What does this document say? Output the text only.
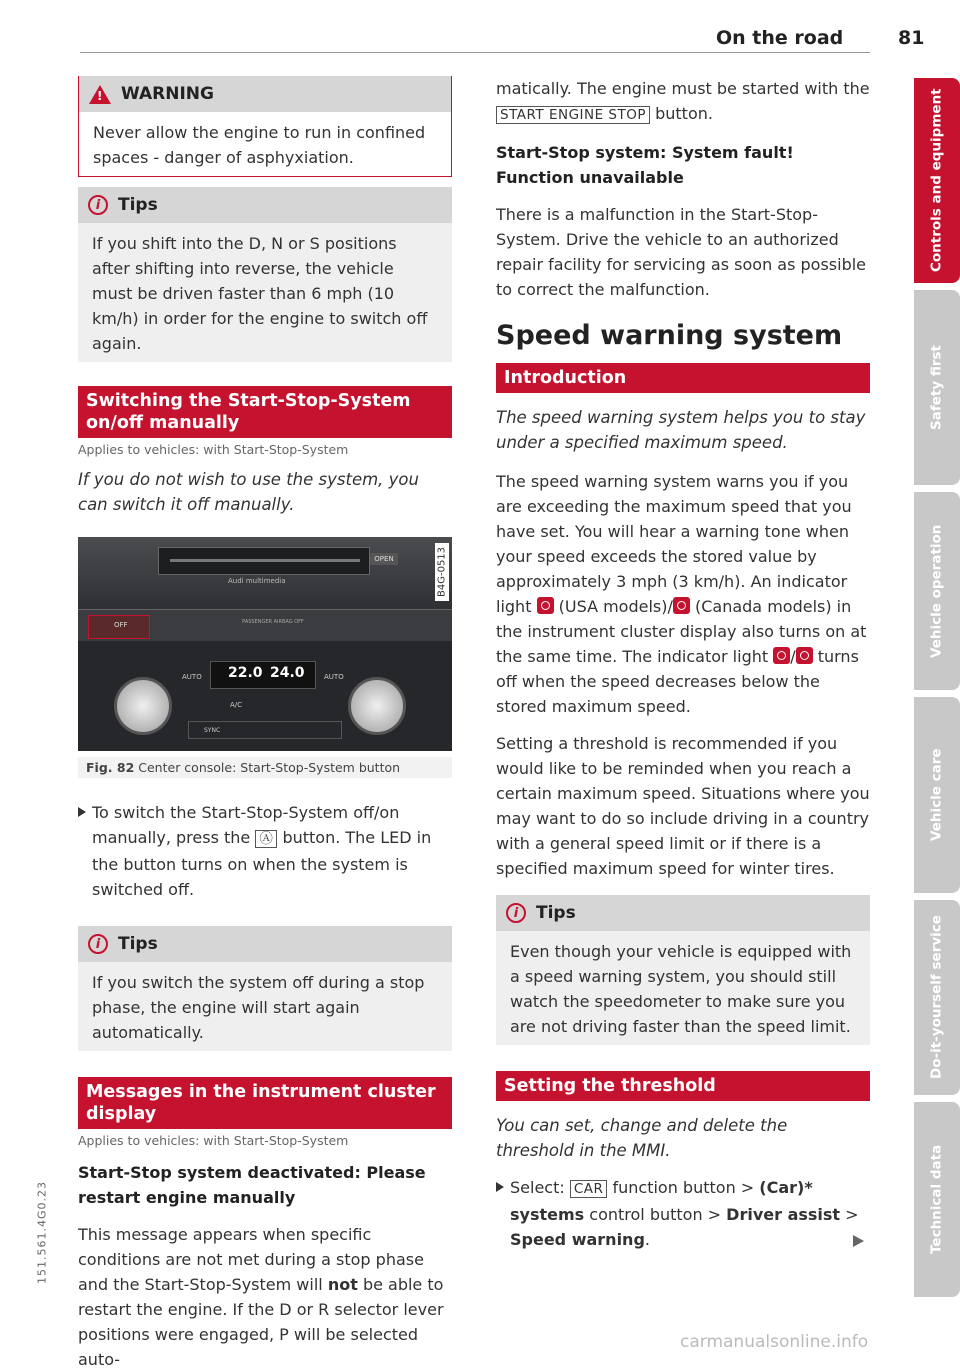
On the road	81
! WARNING

Never allow the engine to run in confined spaces - danger of asphyxiation.

i	Tips

If you shift into the D, N or S positions after shifting into reverse, the vehicle must be driven faster than 6 mph (10 km/h) in order for the engine to switch off again.

Switching the Start-Stop-System on/off manually

Applies to vehicles: with Start-Stop-System

If you do not wish to use the system, you can switch it off manually.

Audi multimedia
OPEN
OFF	PASSENGER AIRBAG OFF
AUTO	AUTO
22.0 24.0
A/C
SYNC
B4G-0513
Fig. 82 Center console: Start-Stop-System button

To switch the Start-Stop-System off/on manually, press the Ⓐ button. The LED in the button turns on when the system is switched off.

i	Tips

If you switch the system off during a stop phase, the engine will start again automatically.

Messages in the instrument cluster display

Applies to vehicles: with Start-Stop-System

Start-Stop system deactivated: Please restart engine manually

This message appears when specific conditions are not met during a stop phase and the Start-Stop-System will not be able to restart the engine. If the D or R selector lever positions were engaged, P will be selected auto-

matically. The engine must be started with the START ENGINE STOP button.

Start-Stop system: System fault! Function unavailable

There is a malfunction in the Start-Stop-System. Drive the vehicle to an authorized repair facility for servicing as soon as possible to correct the malfunction.

Speed warning system
Introduction

The speed warning system helps you to stay under a specified maximum speed.

The speed warning system warns you if you are exceeding the maximum speed that you have set. You will hear a warning tone when your speed exceeds the stored value by approximately 3 mph (3 km/h). An indicator light (USA models)/ (Canada models) in the instrument cluster display also turns on at the same time. The indicator light / turns off when the speed decreases below the stored maximum speed.

Setting a threshold is recommended if you would like to be reminded when you reach a certain maximum speed. Situations where you may want to do so include driving in a country with a general speed limit or if there is a specified maximum speed for winter tires.

i	Tips

Even though your vehicle is equipped with a speed warning system, you should still watch the speedometer to make sure you are not driving faster than the speed limit.

Setting the threshold

You can set, change and delete the threshold in the MMI.

Select: CAR function button > (Car)* systems control button > Driver assist > Speed warning.

Controls and equipment
Safety first
Vehicle operation
Vehicle care
Do-it-yourself service
Technical data
151.561.4G0.23
carmanualsonline.info
